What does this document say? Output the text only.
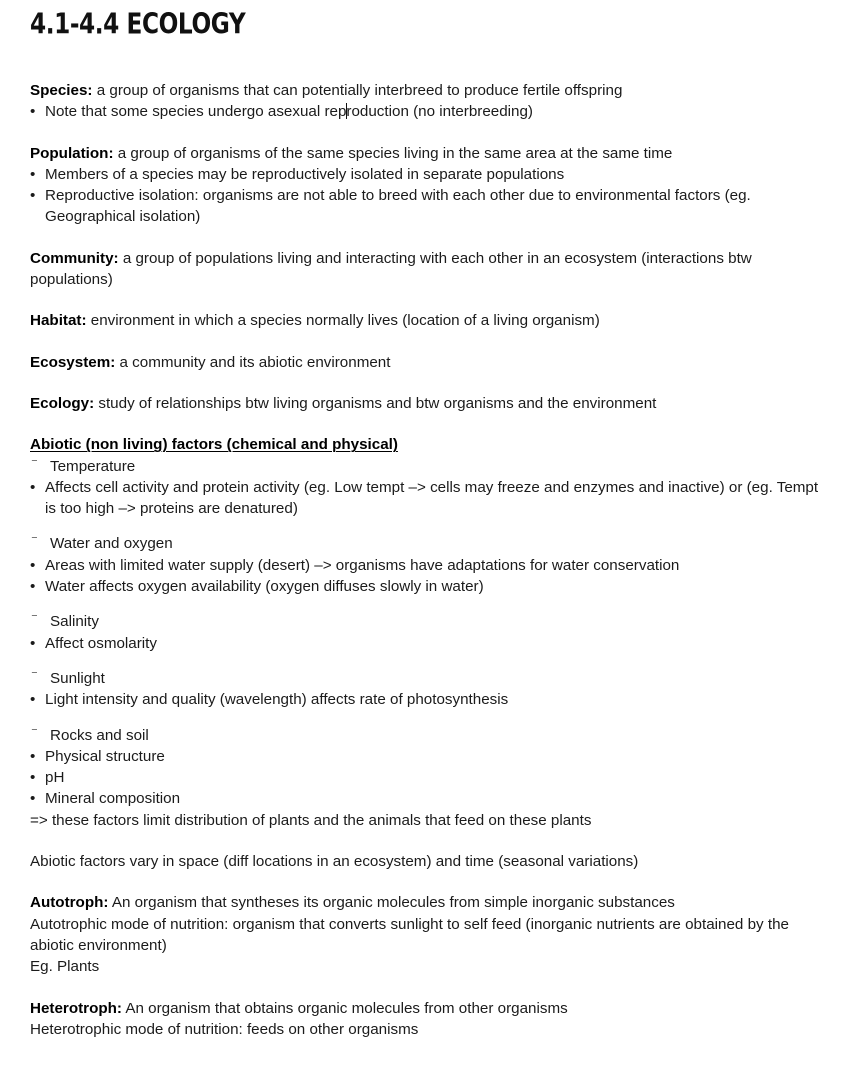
4.1-4.4 ECOLOGY
Species: a group of organisms that can potentially interbreed to produce fertile offspring
• Note that some species undergo asexual reproduction (no interbreeding)
Population: a group of organisms of the same species living in the same area at the same time
• Members of a species may be reproductively isolated in separate populations
• Reproductive isolation: organisms are not able to breed with each other due to environmental factors (eg. Geographical isolation)
Community: a group of populations living and interacting with each other in an ecosystem (interactions btw populations)
Habitat: environment in which a species normally lives (location of a living organism)
Ecosystem: a community and its abiotic environment
Ecology: study of relationships btw living organisms and btw organisms and the environment
Abiotic (non living) factors (chemical and physical)
⁻ Temperature
• Affects cell activity and protein activity (eg. Low tempt –> cells may freeze and enzymes and inactive) or (eg. Tempt is too high –> proteins are denatured)
⁻ Water and oxygen
• Areas with limited water supply (desert) –> organisms have adaptations for water conservation
• Water affects oxygen availability (oxygen diffuses slowly in water)
⁻ Salinity
• Affect osmolarity
⁻ Sunlight
• Light intensity and quality (wavelength) affects rate of photosynthesis
⁻ Rocks and soil
• Physical structure
• pH
• Mineral composition
=> these factors limit distribution of plants and the animals that feed on these plants
Abiotic factors vary in space (diff locations in an ecosystem) and time (seasonal variations)
Autotroph: An organism that syntheses its organic molecules from simple inorganic substances
Autotrophic mode of nutrition: organism that converts sunlight to self feed (inorganic nutrients are obtained by the abiotic environment)
Eg. Plants
Heterotroph: An organism that obtains organic molecules from other organisms
Heterotrophic mode of nutrition: feeds on other organisms
